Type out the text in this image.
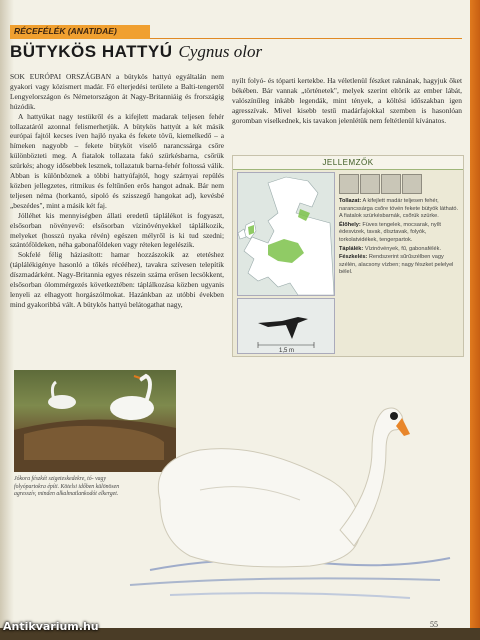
RÉCEFÉLÉK (ANATIDAE)
BÜTYKÖS HATTYÚ Cygnus olor

SOK EURÓPAI ORSZÁGBAN a bütykös hattyú egyáltalán nem gyakori vagy közismert madár. Fő elterjedési területe a Balti-tengertől Lengyelországon és Németországon át Nagy-Britanniáig és frországig húzódik.

A hattyúkat nagy testükről és a kifejlett madarak teljesen fehér tollazatáról azonnal felismerhetjük. A bütykös hattyút a két másik európai fajtól kecses íven hajló nyaka és fekete tövű, kiemelkedő – a hímeken nagyobb – fekete bütyköt viselő narancssárga csőre különbözteti meg. A fiatalok tollazata fakó szürkésbarna, csőrük szürkés; ahogy idősebbek lesznek, tollazatuk barna-fehér foltossá válik. Abban is különböznek a többi hattyúfajtól, hogy szárnyai repülés közben jellegzetes, ritmikus és feltűnően erős hangot adnak. Bár nem teljesen néma (horkantó, sipoló és szisszegő hangokat ad), kevésbé „beszédes", mint a másik két faj.

Jólléhet kis mennyiségben állati eredetű táplálékot is fogyaszt, elsősorban növényevő: elsősorban vízinövényekkel táplálkozik, melyeket (hosszú nyaka révén) egészen mélyről is ki tud szedni; szántóföldeken, néha gabonaföldeken vagy réteken legelészik.

Sokfelé félig háziasított: hamar hozzászokik az etetéshez (táplálékigénye hasonló a tőkés récééhez), tavakra szívesen telepítik díszmadárként. Nagy-Britannia egyes részein száma erősen lecsökkent, elsősorban ólommérgezés következtében: táplálkozása közben ugyanis lenyeli az elhagyott horgászólmokat. Hazánkban az utóbbi években mind gyakoribbá vált. A bütykös hattyú belátogathat nagy,

nyílt folyó- és tóparti kertekbe. Ha véletlenül fészket raknának, hagyjuk őket békében. Bár vannak „történetek", melyek szerint eltörik az ember lábát, valószínűleg inkább legendák, mint tények, a költési időszakban igen agresszívak. Mivel kisebb testű madárfajokkal szemben is hasonlóan goromban viselkednek, kis tavakon jelenlétük nem feltétlenül kívánatos.

JELLEMZŐK
1,5 m

Tollazat: A kifejlett madár teljesen fehér, narancssárga csőre tövén fekete bütyök látható. A fiatalok szürkésbarnák, csőrük szürke.

Élőhely: Füves tengelek, mocsarak, nyílt édesvizek, tavak, dísztavak, folyók, torkolatvidékek, tengerpartok.

Táplálék: Vízinövények, fű, gabonafélék.

Fészkelés: Rendszerint sűrűszélben vagy szélén, alacsony vízben; nagy fészket pelelyel bélel.

Jókora fészkét szigeteskedekre, tó- vagy folyópartokra építi. Kötelsi időben különösen agresszív, minden alkalmatlankodót elkerget.
55
Antikvarium.hu
